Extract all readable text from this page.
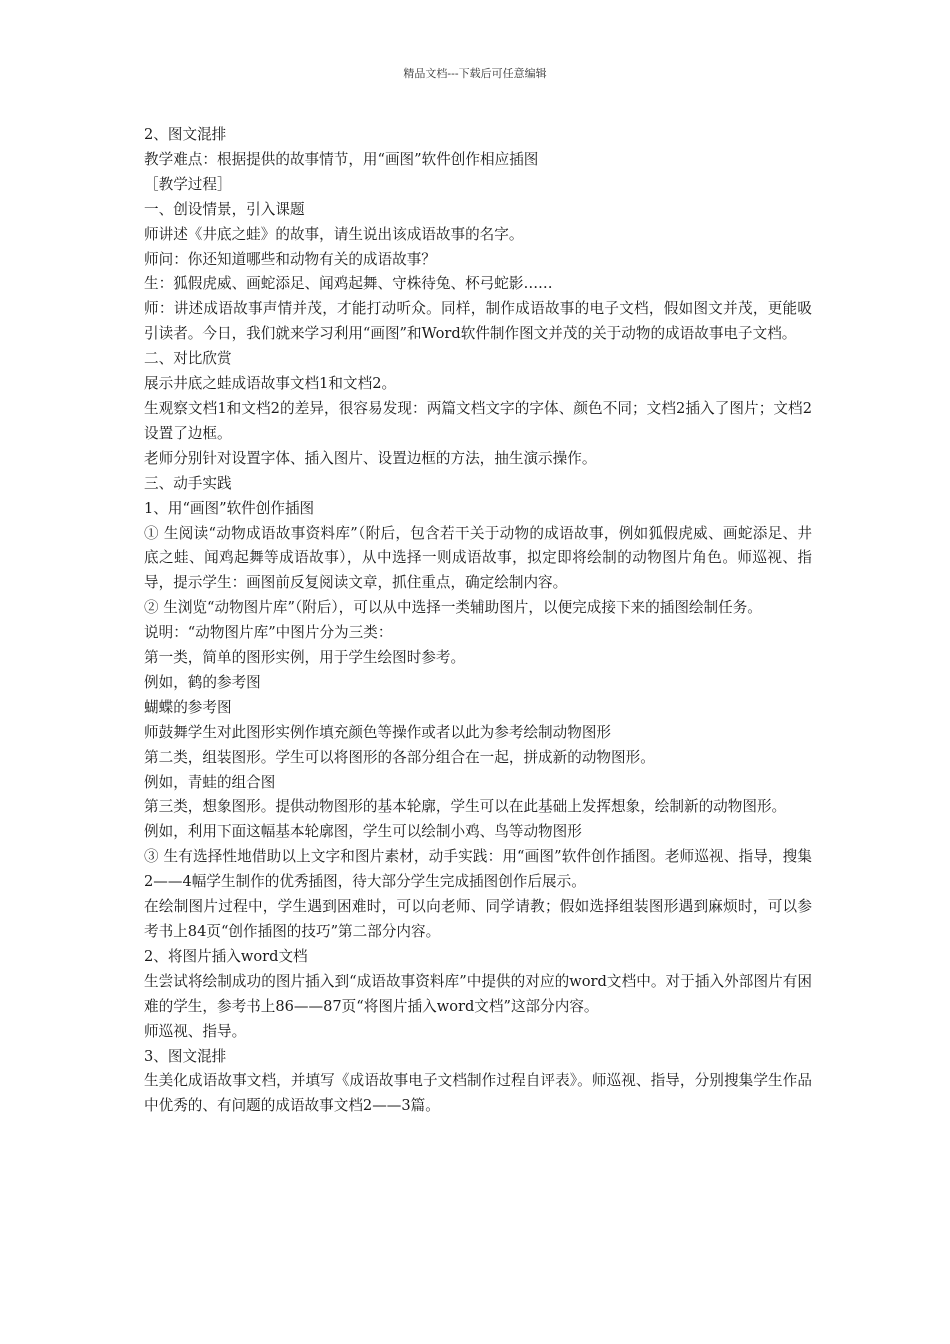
精品文档---下载后可任意编辑

2、图文混排

教学难点：根据提供的故事情节，用“画图”软件创作相应插图

［教学过程］

一、创设情景，引入课题

师讲述《井底之蛙》的故事，请生说出该成语故事的名字。

师问：你还知道哪些和动物有关的成语故事？

生：狐假虎威、画蛇添足、闻鸡起舞、守株待兔、杯弓蛇影……

师：讲述成语故事声情并茂，才能打动听众。同样，制作成语故事的电子文档，假如图文并茂，更能吸引读者。今日，我们就来学习利用“画图”和Word软件制作图文并茂的关于动物的成语故事电子文档。

二、对比欣赏

展示井底之蛙成语故事文档1和文档2。

生观察文档1和文档2的差异，很容易发现：两篇文档文字的字体、颜色不同；文档2插入了图片；文档2设置了边框。

老师分别针对设置字体、插入图片、设置边框的方法，抽生演示操作。

三、动手实践

1、用“画图”软件创作插图

① 生阅读“动物成语故事资料库”（附后，包含若干关于动物的成语故事，例如狐假虎威、画蛇添足、井底之蛙、闻鸡起舞等成语故事），从中选择一则成语故事，拟定即将绘制的动物图片角色。师巡视、指导，提示学生：画图前反复阅读文章，抓住重点，确定绘制内容。

② 生浏览“动物图片库”（附后），可以从中选择一类辅助图片，以便完成接下来的插图绘制任务。

说明：“动物图片库”中图片分为三类：

第一类，简单的图形实例，用于学生绘图时参考。

例如，鹤的参考图

蝴蝶的参考图

师鼓舞学生对此图形实例作填充颜色等操作或者以此为参考绘制动物图形

第二类，组装图形。学生可以将图形的各部分组合在一起，拼成新的动物图形。

例如，青蛙的组合图

第三类，想象图形。提供动物图形的基本轮廓，学生可以在此基础上发挥想象，绘制新的动物图形。

例如，利用下面这幅基本轮廓图，学生可以绘制小鸡、鸟等动物图形

③ 生有选择性地借助以上文字和图片素材，动手实践：用“画图”软件创作插图。老师巡视、指导，搜集2——4幅学生制作的优秀插图，待大部分学生完成插图创作后展示。

在绘制图片过程中，学生遇到困难时，可以向老师、同学请教；假如选择组装图形遇到麻烦时，可以参考书上84页“创作插图的技巧”第二部分内容。

2、将图片插入word文档

生尝试将绘制成功的图片插入到“成语故事资料库”中提供的对应的word文档中。对于插入外部图片有困难的学生，参考书上86——87页“将图片插入word文档”这部分内容。

师巡视、指导。

3、图文混排

生美化成语故事文档，并填写《成语故事电子文档制作过程自评表》。师巡视、指导，分别搜集学生作品中优秀的、有问题的成语故事文档2——3篇。
